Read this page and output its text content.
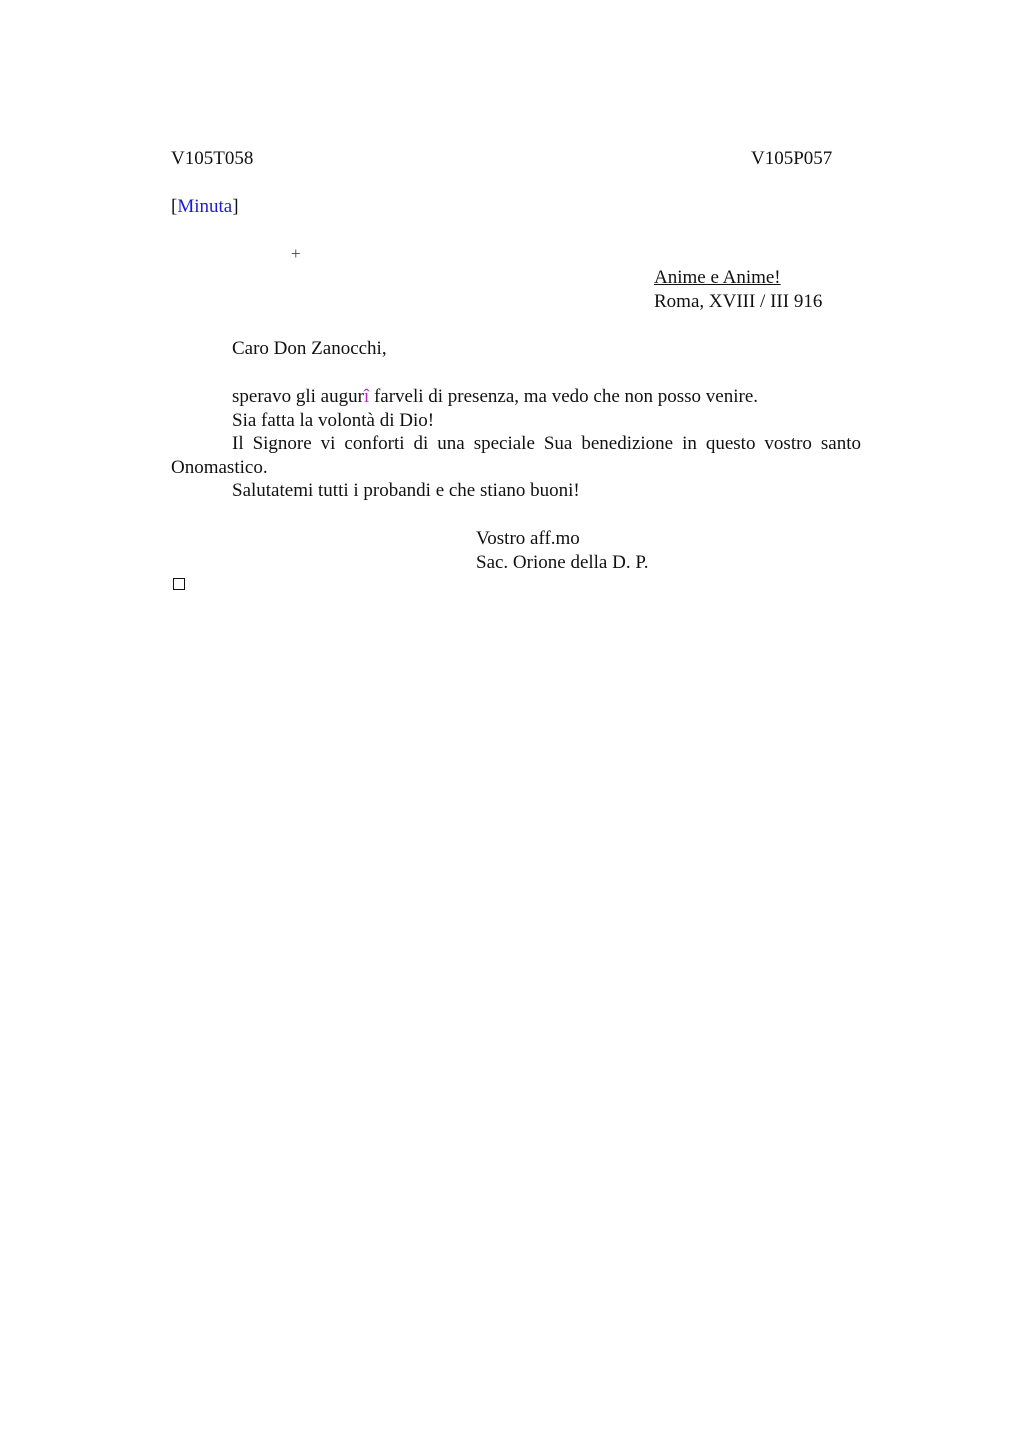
V105T058	V105P057
[Minuta]
+
Anime e Anime!
Roma, XVIII / III 916
Caro Don Zanocchi,

speravo gli augurî farveli di presenza, ma vedo che non posso venire.

Sia fatta la volontà di Dio!

Il Signore vi conforti di una speciale Sua benedizione in questo vostro santo Onomastico.

Salutatemi tutti i probandi e che stiano buoni!

Vostro aff.mo
Sac. Orione della D. P.
